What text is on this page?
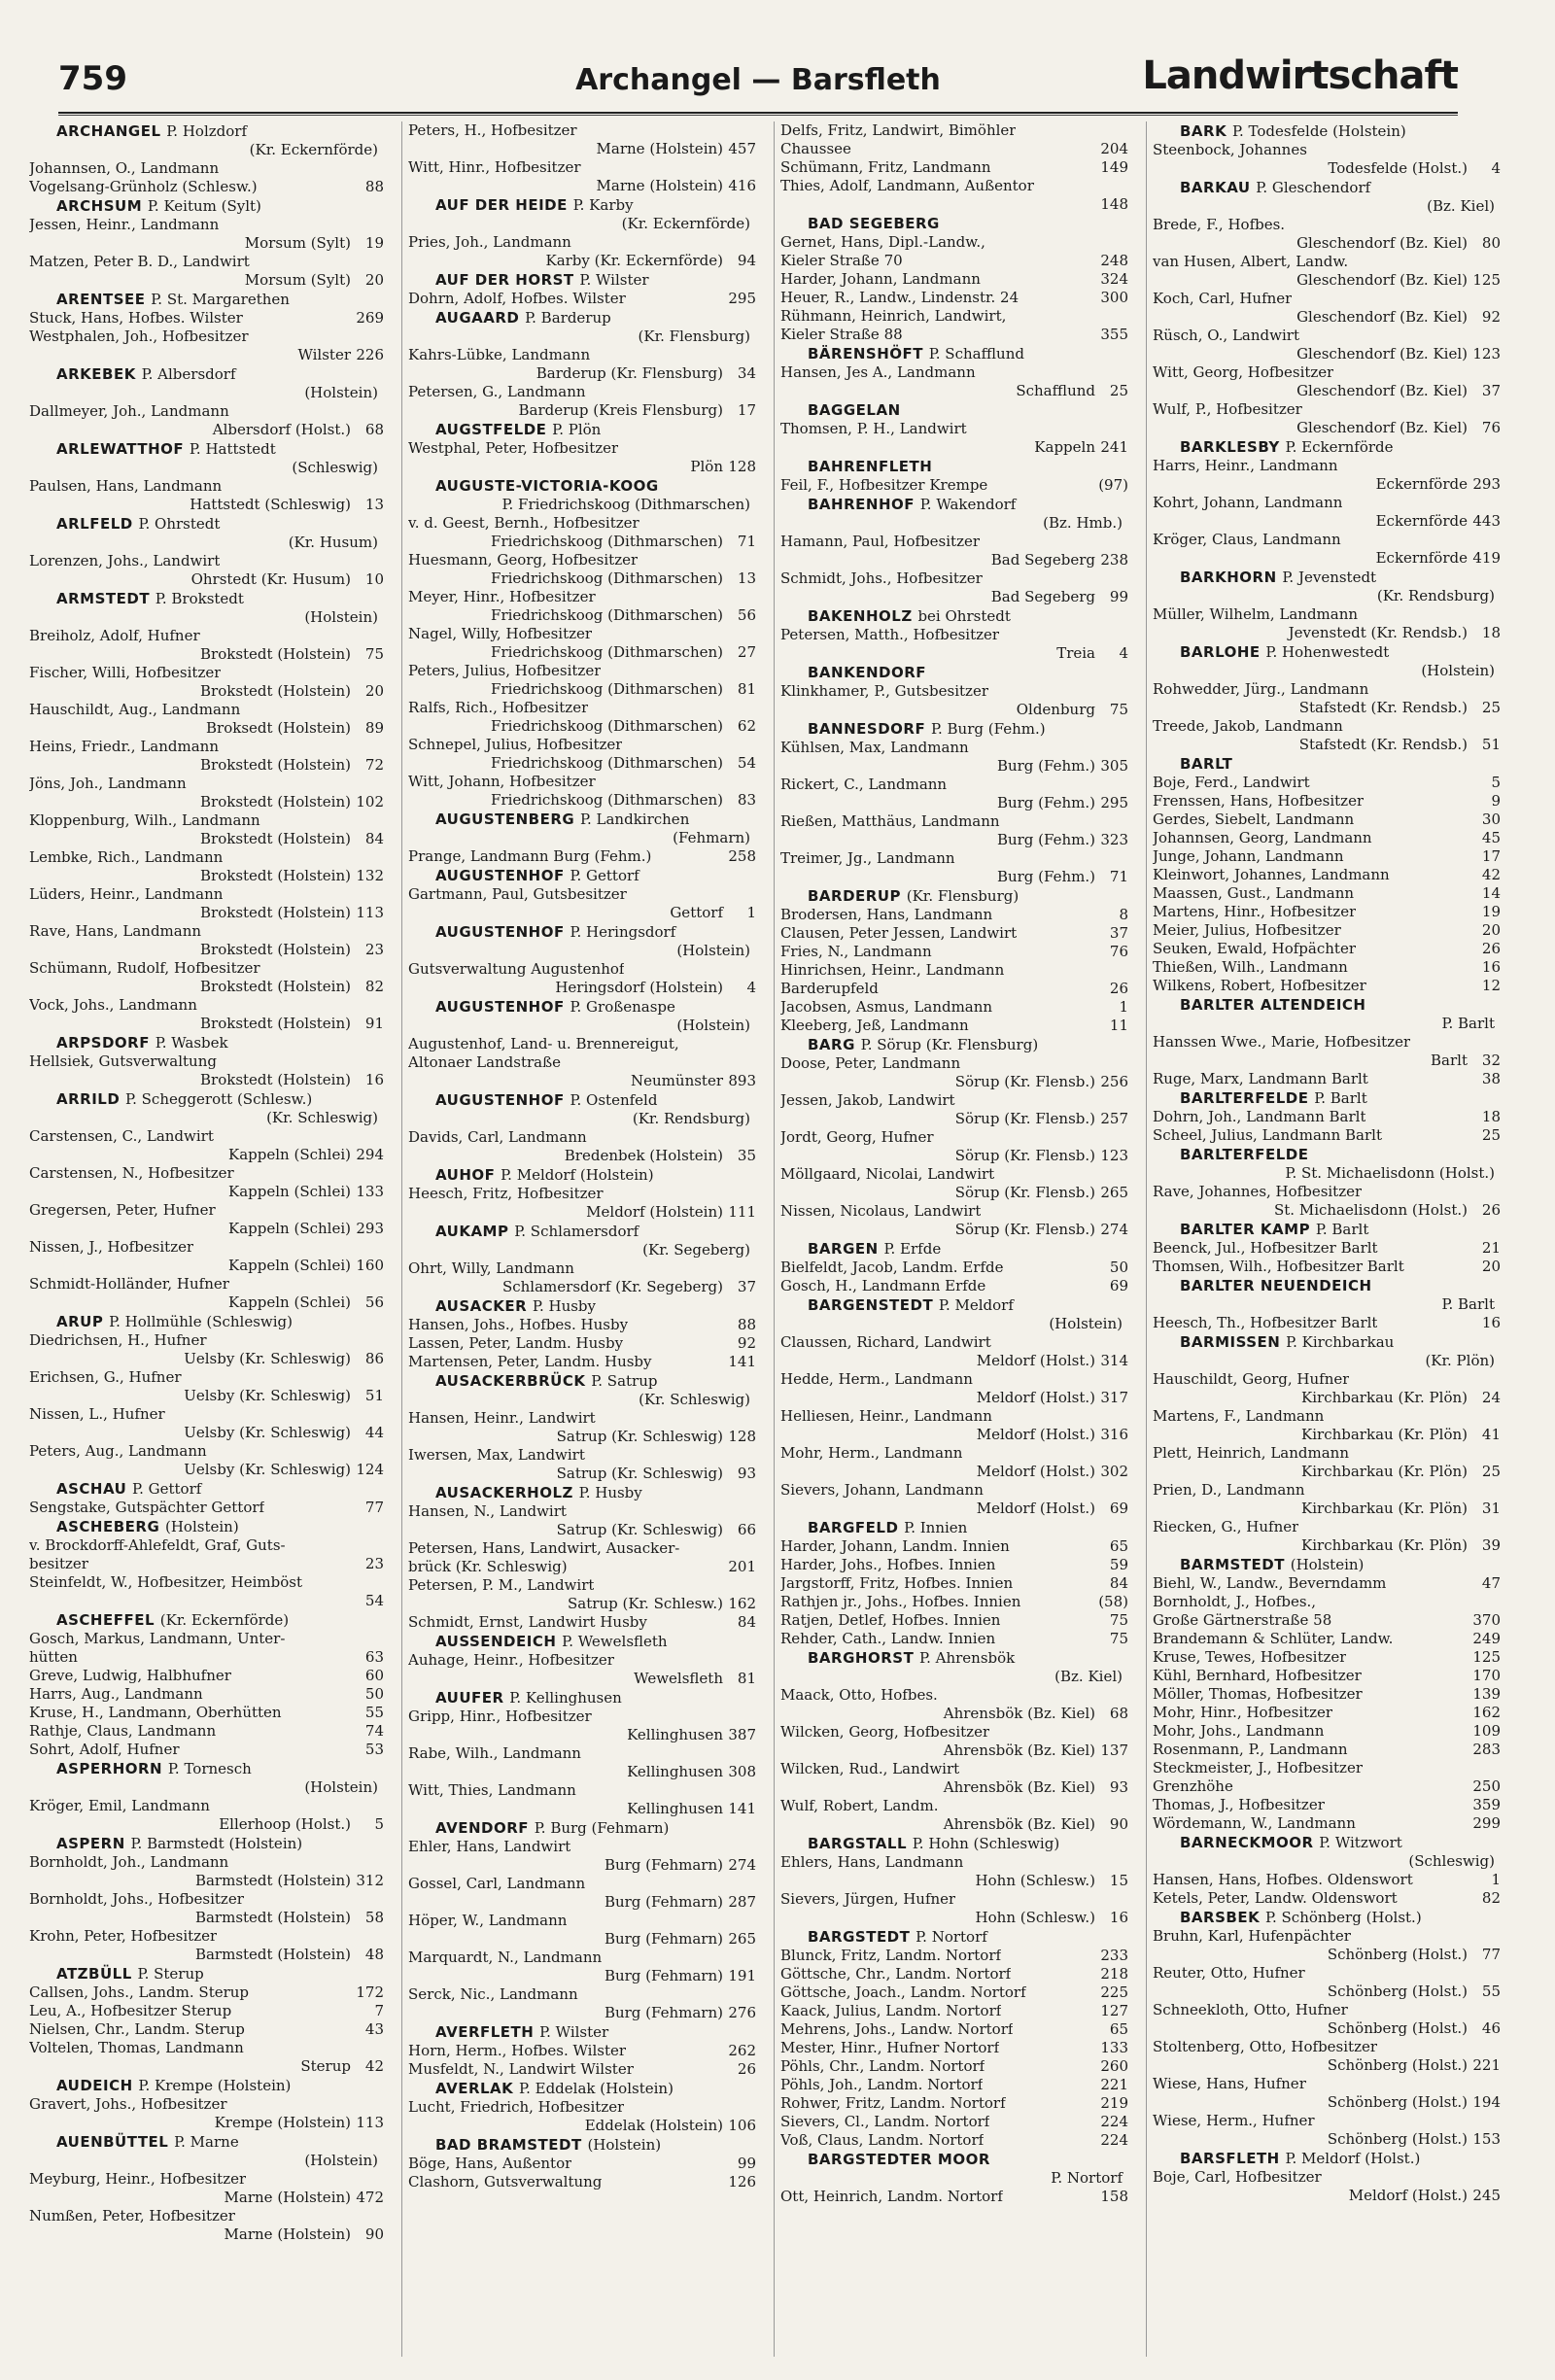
759	Archangel — Barsfleth	Landwirtschaft
ARCHANGEL P. Holzdorf
(Kr. Eckernförde)
Johannsen, O., Landmann
Vogelsang-Grünholz (Schlesw.)	88
ARCHSUM P. Keitum (Sylt)
Jessen, Heinr., Landmann
Morsum (Sylt) 19
Matzen, Peter B. D., Landwirt
Morsum (Sylt) 20
ARENTSEE P. St. Margarethen
Stuck, Hans, Hofbes. Wilster	269
Westphalen, Joh., Hofbesitzer
Wilster 226
ARKEBEK P. Albersdorf
(Holstein)
Dallmeyer, Joh., Landmann
Albersdorf (Holst.) 68
ARLEWATTHOF P. Hattstedt
(Schleswig)
Paulsen, Hans, Landmann
Hattstedt (Schleswig) 13
ARLFELD P. Ohrstedt
(Kr. Husum)
Lorenzen, Johs., Landwirt
Ohrstedt (Kr. Husum) 10
ARMSTEDT P. Brokstedt
(Holstein)
Breiholz, Adolf, Hufner
Brokstedt (Holstein) 75
Fischer, Willi, Hofbesitzer
Brokstedt (Holstein) 20
Hauschildt, Aug., Landmann
Broksedt (Holstein) 89
Heins, Friedr., Landmann
Brokstedt (Holstein) 72
Jöns, Joh., Landmann
Brokstedt (Holstein) 102
Kloppenburg, Wilh., Landmann
Brokstedt (Holstein) 84
Lembke, Rich., Landmann
Brokstedt (Holstein) 132
Lüders, Heinr., Landmann
Brokstedt (Holstein) 113
Rave, Hans, Landmann
Brokstedt (Holstein) 23
Schümann, Rudolf, Hofbesitzer
Brokstedt (Holstein) 82
Vock, Johs., Landmann
Brokstedt (Holstein) 91
ARPSDORF P. Wasbek
Hellsiek, Gutsverwaltung
Brokstedt (Holstein) 16
ARRILD P. Scheggerott (Schlesw.)
(Kr. Schleswig)
Carstensen, C., Landwirt
Kappeln (Schlei) 294
Carstensen, N., Hofbesitzer
Kappeln (Schlei) 133
Gregersen, Peter, Hufner
Kappeln (Schlei) 293
Nissen, J., Hofbesitzer
Kappeln (Schlei) 160
Schmidt-Holländer, Hufner
Kappeln (Schlei) 56
ARUP P. Hollmühle (Schleswig)
Diedrichsen, H., Hufner
Uelsby (Kr. Schleswig) 86
Erichsen, G., Hufner
Uelsby (Kr. Schleswig) 51
Nissen, L., Hufner
Uelsby (Kr. Schleswig) 44
Peters, Aug., Landmann
Uelsby (Kr. Schleswig) 124
ASCHAU P. Gettorf
Sengstake, Gutspächter Gettorf	77
ASCHEBERG (Holstein)
v. Brockdorff-Ahlefeldt, Graf, Guts-
besitzer	23
Steinfeldt, W., Hofbesitzer, Heimböst
54
ASCHEFFEL (Kr. Eckernförde)
Gosch, Markus, Landmann, Unter-
hütten	63
Greve, Ludwig, Halbhufner	60
Harrs, Aug., Landmann	50
Kruse, H., Landmann, Oberhütten	55
Rathje, Claus, Landmann	74
Sohrt, Adolf, Hufner	53
ASPERHORN P. Tornesch
(Holstein)
Kröger, Emil, Landmann
Ellerhoop (Holst.)	5
ASPERN P. Barmstedt (Holstein)
Bornholdt, Joh., Landmann
Barmstedt (Holstein) 312
Bornholdt, Johs., Hofbesitzer
Barmstedt (Holstein) 58
Krohn, Peter, Hofbesitzer
Barmstedt (Holstein) 48
ATZBÜLL P. Sterup
Callsen, Johs., Landm. Sterup	172
Leu, A., Hofbesitzer Sterup	7
Nielsen, Chr., Landm. Sterup	43
Voltelen, Thomas, Landmann
Sterup 42
AUDEICH P. Krempe (Holstein)
Gravert, Johs., Hofbesitzer
Krempe (Holstein) 113
AUENBÜTTEL P. Marne
(Holstein)
Meyburg, Heinr., Hofbesitzer
Marne (Holstein) 472
Numßen, Peter, Hofbesitzer
Marne (Holstein) 90
Peters, H., Hofbesitzer
Marne (Holstein) 457
Witt, Hinr., Hofbesitzer
Marne (Holstein) 416
AUF DER HEIDE P. Karby
(Kr. Eckernförde)
Pries, Joh., Landmann
Karby (Kr. Eckernförde) 94
AUF DER HORST P. Wilster
Dohrn, Adolf, Hofbes. Wilster	295
AUGAARD P. Barderup
(Kr. Flensburg)
Kahrs-Lübke, Landmann
Barderup (Kr. Flensburg) 34
Petersen, G., Landmann
Barderup (Kreis Flensburg) 17
AUGSTFELDE P. Plön
Westphal, Peter, Hofbesitzer
Plön 128
AUGUSTE-VICTORIA-KOOG
P. Friedrichskoog (Dithmarschen)
v. d. Geest, Bernh., Hofbesitzer
Friedrichskoog (Dithmarschen) 71
Huesmann, Georg, Hofbesitzer
Friedrichskoog (Dithmarschen) 13
Meyer, Hinr., Hofbesitzer
Friedrichskoog (Dithmarschen) 56
Nagel, Willy, Hofbesitzer
Friedrichskoog (Dithmarschen) 27
Peters, Julius, Hofbesitzer
Friedrichskoog (Dithmarschen) 81
Ralfs, Rich., Hofbesitzer
Friedrichskoog (Dithmarschen) 62
Schnepel, Julius, Hofbesitzer
Friedrichskoog (Dithmarschen) 54
Witt, Johann, Hofbesitzer
Friedrichskoog (Dithmarschen) 83
AUGUSTENBERG P. Landkirchen
(Fehmarn)
Prange, Landmann Burg (Fehm.)	258
AUGUSTENHOF P. Gettorf
Gartmann, Paul, Gutsbesitzer
Gettorf	1
AUGUSTENHOF P. Heringsdorf
(Holstein)
Gutsverwaltung Augustenhof
Heringsdorf (Holstein)	4
AUGUSTENHOF P. Großenaspe
(Holstein)
Augustenhof, Land- u. Brennereigut,
Altonaer Landstraße
Neumünster 893
AUGUSTENHOF P. Ostenfeld
(Kr. Rendsburg)
Davids, Carl, Landmann
Bredenbek (Holstein) 35
AUHOF P. Meldorf (Holstein)
Heesch, Fritz, Hofbesitzer
Meldorf (Holstein) 111
AUKAMP P. Schlamersdorf
(Kr. Segeberg)
Ohrt, Willy, Landmann
Schlamersdorf (Kr. Segeberg) 37
AUSACKER P. Husby
Hansen, Johs., Hofbes. Husby	88
Lassen, Peter, Landm. Husby	92
Martensen, Peter, Landm. Husby	141
AUSACKERBRÜCK P. Satrup
(Kr. Schleswig)
Hansen, Heinr., Landwirt
Satrup (Kr. Schleswig) 128
Iwersen, Max, Landwirt
Satrup (Kr. Schleswig) 93
AUSACKERHOLZ P. Husby
Hansen, N., Landwirt
Satrup (Kr. Schleswig) 66
Petersen, Hans, Landwirt, Ausacker-
brück (Kr. Schleswig)	201
Petersen, P. M., Landwirt
Satrup (Kr. Schlesw.) 162
Schmidt, Ernst, Landwirt Husby	84
AUSSENDEICH P. Wewelsfleth
Auhage, Heinr., Hofbesitzer
Wewelsfleth 81
AUUFER P. Kellinghusen
Gripp, Hinr., Hofbesitzer
Kellinghusen 387
Rabe, Wilh., Landmann
Kellinghusen 308
Witt, Thies, Landmann
Kellinghusen 141
AVENDORF P. Burg (Fehmarn)
Ehler, Hans, Landwirt
Burg (Fehmarn) 274
Gossel, Carl, Landmann
Burg (Fehmarn) 287
Höper, W., Landmann
Burg (Fehmarn) 265
Marquardt, N., Landmann
Burg (Fehmarn) 191
Serck, Nic., Landmann
Burg (Fehmarn) 276
AVERFLETH P. Wilster
Horn, Herm., Hofbes. Wilster	262
Musfeldt, N., Landwirt Wilster	26
AVERLAK P. Eddelak (Holstein)
Lucht, Friedrich, Hofbesitzer
Eddelak (Holstein) 106
BAD BRAMSTEDT (Holstein)
Böge, Hans, Außentor	99
Clashorn, Gutsverwaltung	126
Delfs, Fritz, Landwirt, Bimöhler
Chaussee	204
Schümann, Fritz, Landmann	149
Thies, Adolf, Landmann, Außentor
148
BAD SEGEBERG
Gernet, Hans, Dipl.-Landw.,
Kieler Straße 70	248
Harder, Johann, Landmann	324
Heuer, R., Landw., Lindenstr. 24	300
Rühmann, Heinrich, Landwirt,
Kieler Straße 88	355
BÄRENSHÖFT P. Schafflund
Hansen, Jes A., Landmann
Schafflund 25
BAGGELAN
Thomsen, P. H., Landwirt
Kappeln 241
BAHRENFLETH
Feil, F., Hofbesitzer Krempe	(97)
BAHRENHOF P. Wakendorf
(Bz. Hmb.)
Hamann, Paul, Hofbesitzer
Bad Segeberg 238
Schmidt, Johs., Hofbesitzer
Bad Segeberg 99
BAKENHOLZ bei Ohrstedt
Petersen, Matth., Hofbesitzer
Treia	4
BANKENDORF
Klinkhamer, P., Gutsbesitzer
Oldenburg 75
BANNESDORF P. Burg (Fehm.)
Kühlsen, Max, Landmann
Burg (Fehm.) 305
Rickert, C., Landmann
Burg (Fehm.) 295
Rießen, Matthäus, Landmann
Burg (Fehm.) 323
Treimer, Jg., Landmann
Burg (Fehm.) 71
BARDERUP (Kr. Flensburg)
Brodersen, Hans, Landmann	8
Clausen, Peter Jessen, Landwirt	37
Fries, N., Landmann	76
Hinrichsen, Heinr., Landmann
Barderupfeld	26
Jacobsen, Asmus, Landmann	1
Kleeberg, Jeß, Landmann	11
BARG P. Sörup (Kr. Flensburg)
Doose, Peter, Landmann
Sörup (Kr. Flensb.) 256
Jessen, Jakob, Landwirt
Sörup (Kr. Flensb.) 257
Jordt, Georg, Hufner
Sörup (Kr. Flensb.) 123
Möllgaard, Nicolai, Landwirt
Sörup (Kr. Flensb.) 265
Nissen, Nicolaus, Landwirt
Sörup (Kr. Flensb.) 274
BARGEN P. Erfde
Bielfeldt, Jacob, Landm. Erfde	50
Gosch, H., Landmann Erfde	69
BARGENSTEDT P. Meldorf
(Holstein)
Claussen, Richard, Landwirt
Meldorf (Holst.) 314
Hedde, Herm., Landmann
Meldorf (Holst.) 317
Helliesen, Heinr., Landmann
Meldorf (Holst.) 316
Mohr, Herm., Landmann
Meldorf (Holst.) 302
Sievers, Johann, Landmann
Meldorf (Holst.) 69
BARGFELD P. Innien
Harder, Johann, Landm. Innien	65
Harder, Johs., Hofbes. Innien	59
Jargstorff, Fritz, Hofbes. Innien	84
Rathjen jr., Johs., Hofbes. Innien	(58)
Ratjen, Detlef, Hofbes. Innien	75
Rehder, Cath., Landw. Innien	75
BARGHORST P. Ahrensbök
(Bz. Kiel)
Maack, Otto, Hofbes.
Ahrensbök (Bz. Kiel) 68
Wilcken, Georg, Hofbesitzer
Ahrensbök (Bz. Kiel) 137
Wilcken, Rud., Landwirt
Ahrensbök (Bz. Kiel) 93
Wulf, Robert, Landm.
Ahrensbök (Bz. Kiel) 90
BARGSTALL P. Hohn (Schleswig)
Ehlers, Hans, Landmann
Hohn (Schlesw.) 15
Sievers, Jürgen, Hufner
Hohn (Schlesw.) 16
BARGSTEDT P. Nortorf
Blunck, Fritz, Landm. Nortorf	233
Göttsche, Chr., Landm. Nortorf	218
Göttsche, Joach., Landm. Nortorf	225
Kaack, Julius, Landm. Nortorf	127
Mehrens, Johs., Landw. Nortorf	65
Mester, Hinr., Hufner Nortorf	133
Pöhls, Chr., Landm. Nortorf	260
Pöhls, Joh., Landm. Nortorf	221
Rohwer, Fritz, Landm. Nortorf	219
Sievers, Cl., Landm. Nortorf	224
Voß, Claus, Landm. Nortorf	224
BARGSTEDTER MOOR
P. Nortorf
Ott, Heinrich, Landm. Nortorf	158
BARK P. Todesfelde (Holstein)
Steenbock, Johannes
Todesfelde (Holst.)	4
BARKAU P. Gleschendorf
(Bz. Kiel)
Brede, F., Hofbes.
Gleschendorf (Bz. Kiel) 80
van Husen, Albert, Landw.
Gleschendorf (Bz. Kiel) 125
Koch, Carl, Hufner
Gleschendorf (Bz. Kiel) 92
Rüsch, O., Landwirt
Gleschendorf (Bz. Kiel) 123
Witt, Georg, Hofbesitzer
Gleschendorf (Bz. Kiel) 37
Wulf, P., Hofbesitzer
Gleschendorf (Bz. Kiel) 76
BARKLESBY P. Eckernförde
Harrs, Heinr., Landmann
Eckernförde 293
Kohrt, Johann, Landmann
Eckernförde 443
Kröger, Claus, Landmann
Eckernförde 419
BARKHORN P. Jevenstedt
(Kr. Rendsburg)
Müller, Wilhelm, Landmann
Jevenstedt (Kr. Rendsb.) 18
BARLOHE P. Hohenwestedt
(Holstein)
Rohwedder, Jürg., Landmann
Stafstedt (Kr. Rendsb.) 25
Treede, Jakob, Landmann
Stafstedt (Kr. Rendsb.) 51
BARLT
Boje, Ferd., Landwirt	5
Frenssen, Hans, Hofbesitzer	9
Gerdes, Siebelt, Landmann	30
Johannsen, Georg, Landmann	45
Junge, Johann, Landmann	17
Kleinwort, Johannes, Landmann	42
Maassen, Gust., Landmann	14
Martens, Hinr., Hofbesitzer	19
Meier, Julius, Hofbesitzer	20
Seuken, Ewald, Hofpächter	26
Thießen, Wilh., Landmann	16
Wilkens, Robert, Hofbesitzer	12
BARLTER ALTENDEICH
P. Barlt
Hanssen Wwe., Marie, Hofbesitzer
Barlt 32
Ruge, Marx, Landmann Barlt	38
BARLTERFELDE P. Barlt
Dohrn, Joh., Landmann Barlt	18
Scheel, Julius, Landmann Barlt	25
BARLTERFELDE
P. St. Michaelisdonn (Holst.)
Rave, Johannes, Hofbesitzer
St. Michaelisdonn (Holst.) 26
BARLTER KAMP P. Barlt
Beenck, Jul., Hofbesitzer Barlt	21
Thomsen, Wilh., Hofbesitzer Barlt	20
BARLTER NEUENDEICH
P. Barlt
Heesch, Th., Hofbesitzer Barlt	16
BARMISSEN P. Kirchbarkau
(Kr. Plön)
Hauschildt, Georg, Hufner
Kirchbarkau (Kr. Plön) 24
Martens, F., Landmann
Kirchbarkau (Kr. Plön) 41
Plett, Heinrich, Landmann
Kirchbarkau (Kr. Plön) 25
Prien, D., Landmann
Kirchbarkau (Kr. Plön) 31
Riecken, G., Hufner
Kirchbarkau (Kr. Plön) 39
BARMSTEDT (Holstein)
Biehl, W., Landw., Beverndamm	47
Bornholdt, J., Hofbes.,
Große Gärtnerstraße 58	370
Brandemann & Schlüter, Landw.	249
Kruse, Tewes, Hofbesitzer	125
Kühl, Bernhard, Hofbesitzer	170
Möller, Thomas, Hofbesitzer	139
Mohr, Hinr., Hofbesitzer	162
Mohr, Johs., Landmann	109
Rosenmann, P., Landmann	283
Steckmeister, J., Hofbesitzer
Grenzhöhe	250
Thomas, J., Hofbesitzer	359
Wördemann, W., Landmann	299
BARNECKMOOR P. Witzwort
(Schleswig)
Hansen, Hans, Hofbes. Oldenswort	1
Ketels, Peter, Landw. Oldenswort	82
BARSBEK P. Schönberg (Holst.)
Bruhn, Karl, Hufenpächter
Schönberg (Holst.) 77
Reuter, Otto, Hufner
Schönberg (Holst.) 55
Schneekloth, Otto, Hufner
Schönberg (Holst.) 46
Stoltenberg, Otto, Hofbesitzer
Schönberg (Holst.) 221
Wiese, Hans, Hufner
Schönberg (Holst.) 194
Wiese, Herm., Hufner
Schönberg (Holst.) 153
BARSFLETH P. Meldorf (Holst.)
Boje, Carl, Hofbesitzer
Meldorf (Holst.) 245
